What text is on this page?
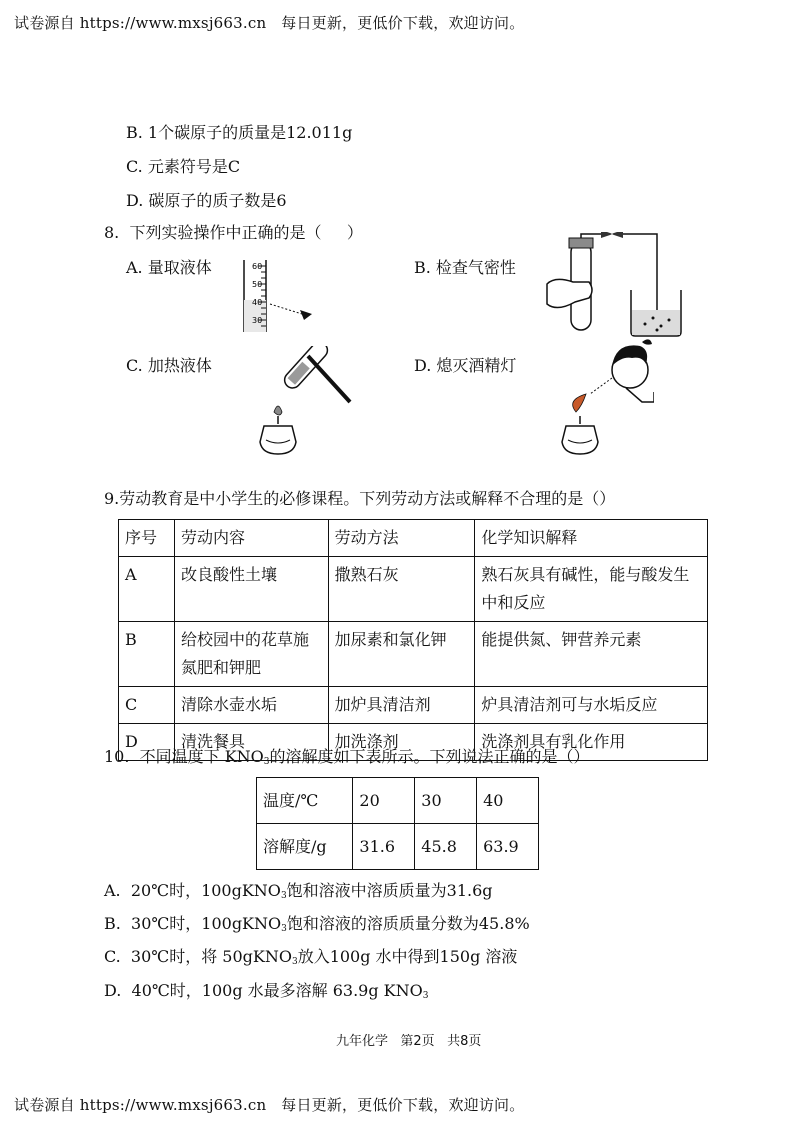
试卷源自 https://www.mxsj663.cn   每日更新，更低价下载，欢迎访问。
B. 1个碳原子的质量是12.011g
C. 元素符号是C
D. 碳原子的质子数是6
8.  下列实验操作中正确的是（     ）
A. 量取液体	B. 检查气密性
C. 加热液体	D. 熄灭酒精灯
60
50
40
30
9.劳动教育是中小学生的必修课程。下列劳动方法或解释不合理的是（）
序号	劳动内容	劳动方法	化学知识解释
A	改良酸性土壤	撒熟石灰	熟石灰具有碱性，能与酸发生中和反应
B	给校园中的花草施氮肥和钾肥	加尿素和氯化钾	能提供氮、钾营养元素
C	清除水壶水垢	加炉具清洁剂	炉具清洁剂可与水垢反应
D	清洗餐具	加洗涤剂	洗涤剂具有乳化作用
10.  不同温度下 $KNO_3$的溶解度如下表所示。下列说法正确的是（）
温度/℃	20	30	40
溶解度/g	31.6	45.8	63.9
A.  20℃时，100gKNO$_3$饱和溶液中溶质质量为31.6g
B.  30℃时，100gKNO$_3$饱和溶液的溶质质量分数为45.8%
C.  30℃时，将 50gKNO$_3$放入100g 水中得到150g 溶液
D.  40℃时，100g 水最多溶解 63.9g $KNO_3$
九年化学   第2页   共8页
试卷源自 https://www.mxsj663.cn   每日更新，更低价下载，欢迎访问。
